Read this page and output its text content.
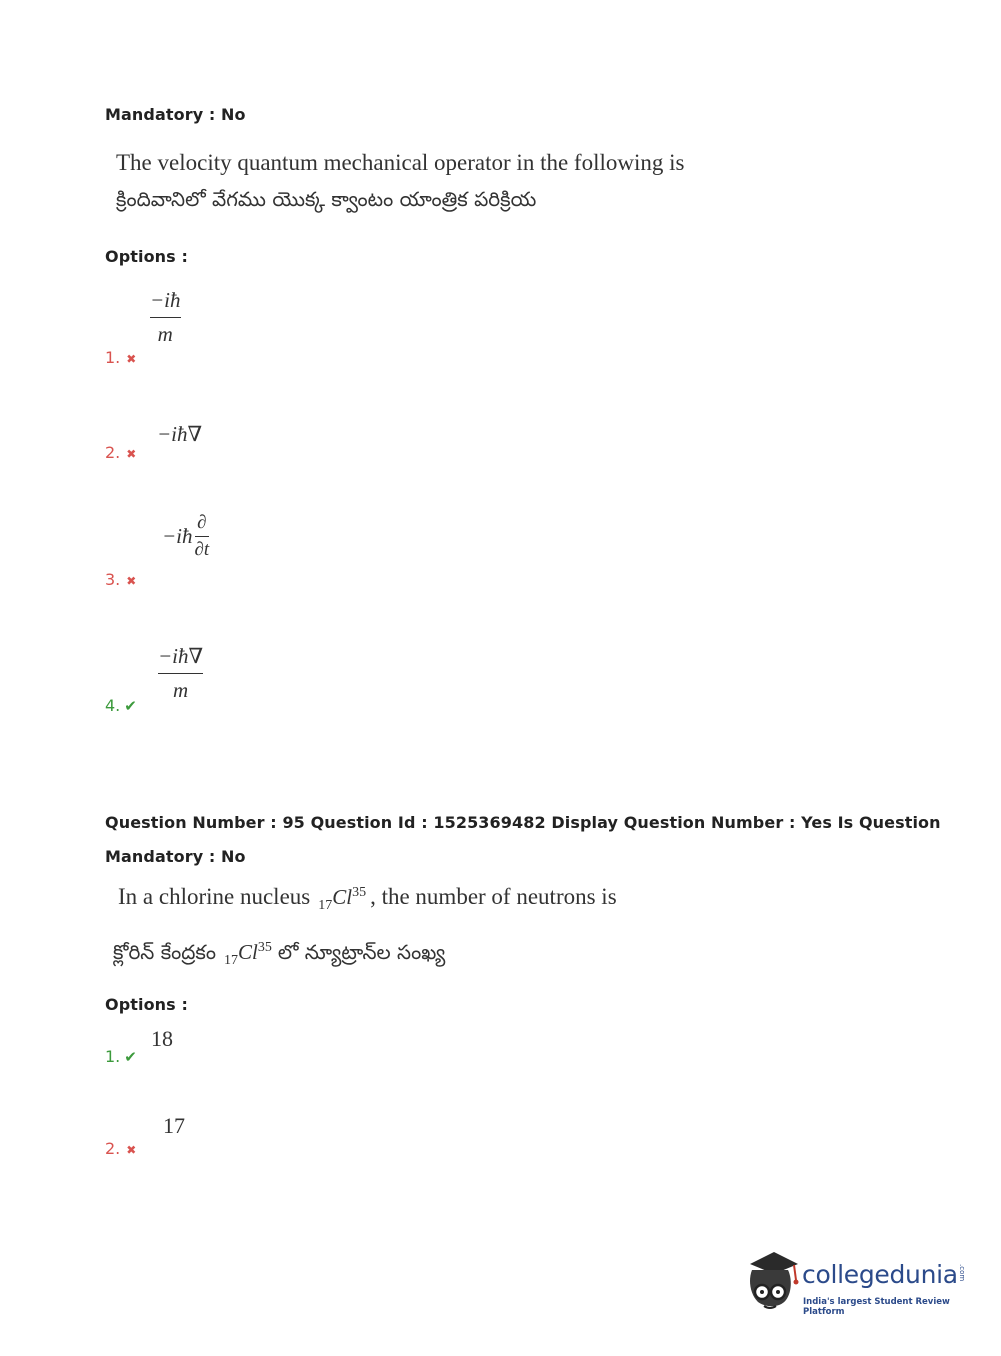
Mandatory : No
The velocity quantum mechanical operator in the following is
క్రిందివానిలో వేగము యొక్క క్వాంటం యాంత్రిక పరిక్రియ
Options :
$\frac{-iħ}{m}$
1. ✖
−iħ∇
2. ✖
−iħ $\frac{\partial}{\partial t}$
3. ✖
$\frac{-iħ\nabla}{m}$
4. ✔
Question Number : 95 Question Id : 1525369482 Display Question Number : Yes Is Question
Mandatory : No
In a chlorine nucleus $_{17}Cl^{35}$ , the number of neutrons is
క్లోరిన్ కేంద్రకం $_{17}Cl^{35}$ లో న్యూట్రాన్‌ల సంఖ్య
Options :
18
1. ✔
17
2. ✖
collegedunia .com
India's largest Student Review Platform
